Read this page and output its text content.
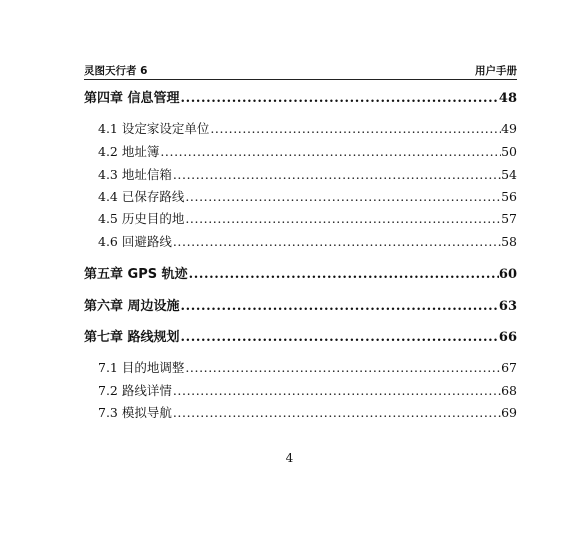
灵图天行者 6	用户手册
第四章 信息管理 .....	48
4.1 设定家设定单位 .....	49
4.2 地址簿 .....	50
4.3 地址信箱 .....	54
4.4 已保存路线 .....	56
4.5 历史目的地 .....	57
4.6 回避路线 .....	58
第五章 GPS 轨迹 .....	60
第六章 周边设施 .....	63
第七章 路线规划 .....	66
7.1 目的地调整 .....	67
7.2 路线详情 .....	68
7.3 模拟导航 .....	69
4
